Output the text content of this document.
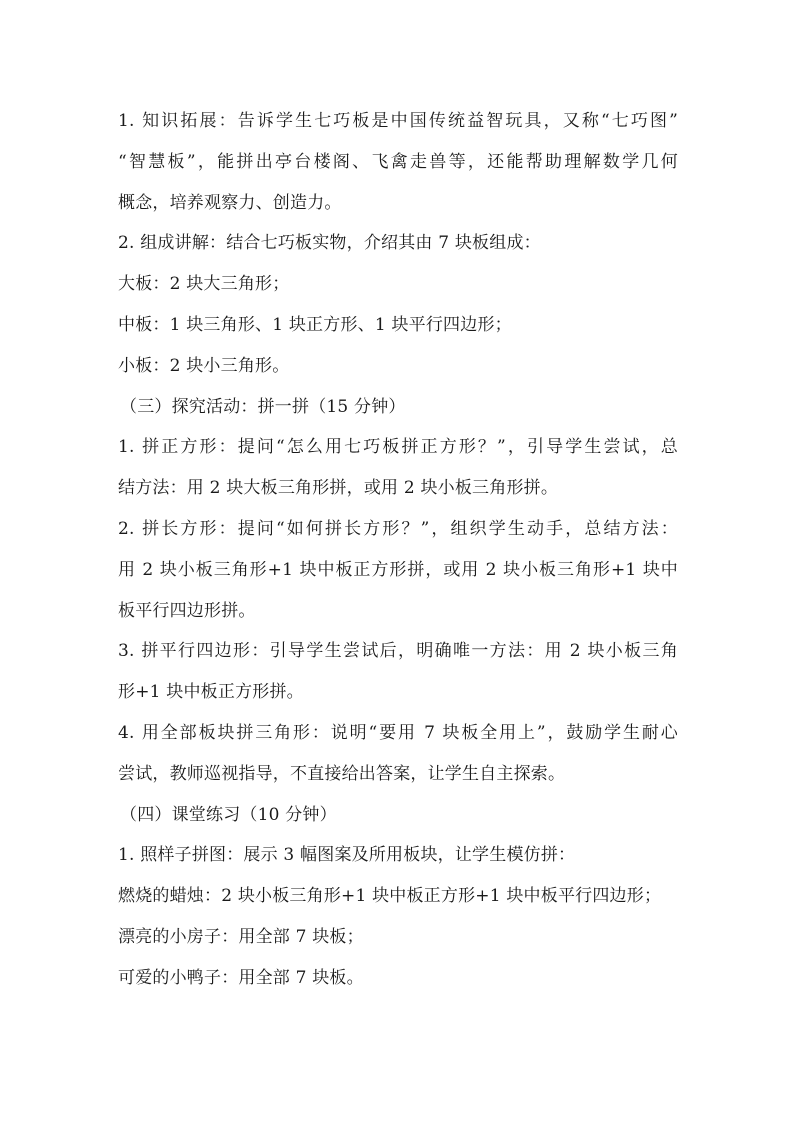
1. 知识拓展：告诉学生七巧板是中国传统益智玩具，又称“七巧图”
“智慧板”，能拼出亭台楼阁、飞禽走兽等，还能帮助理解数学几何
概念，培养观察力、创造力。
2. 组成讲解：结合七巧板实物，介绍其由 7 块板组成：
大板：2 块大三角形；
中板：1 块三角形、1 块正方形、1 块平行四边形；
小板：2 块小三角形。
（三）探究活动：拼一拼（15 分钟）
1. 拼正方形：提问“怎么用七巧板拼正方形？”，引导学生尝试，总
结方法：用 2 块大板三角形拼，或用 2 块小板三角形拼。
2. 拼长方形：提问“如何拼长方形？”，组织学生动手，总结方法：
用 2 块小板三角形+1 块中板正方形拼，或用 2 块小板三角形+1 块中
板平行四边形拼。
3. 拼平行四边形：引导学生尝试后，明确唯一方法：用 2 块小板三角
形+1 块中板正方形拼。
4. 用全部板块拼三角形：说明“要用 7 块板全用上”，鼓励学生耐心
尝试，教师巡视指导，不直接给出答案，让学生自主探索。
（四）课堂练习（10 分钟）
1. 照样子拼图：展示 3 幅图案及所用板块，让学生模仿拼：
燃烧的蜡烛：2 块小板三角形+1 块中板正方形+1 块中板平行四边形；
漂亮的小房子：用全部 7 块板；
可爱的小鸭子：用全部 7 块板。
